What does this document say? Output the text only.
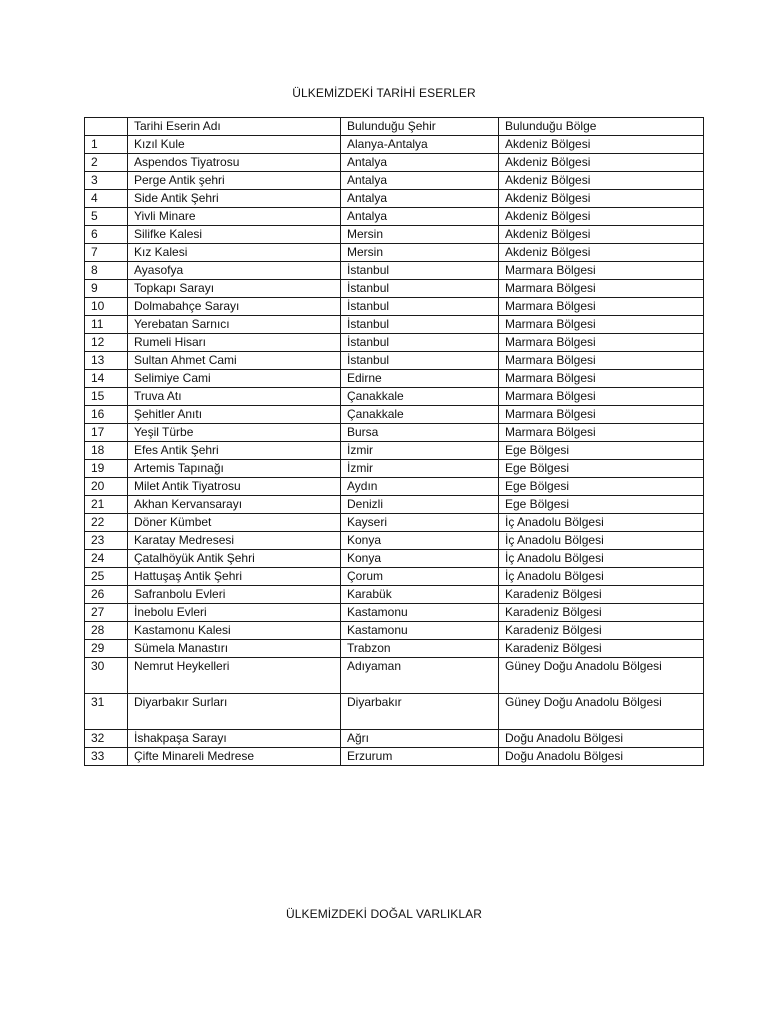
ÜLKEMİZDEKİ TARİHİ ESERLER
	Tarihi Eserin Adı	Bulunduğu Şehir	Bulunduğu Bölge
1	Kızıl Kule	Alanya-Antalya	Akdeniz Bölgesi
2	Aspendos Tiyatrosu	Antalya	Akdeniz Bölgesi
3	Perge Antik şehri	Antalya	Akdeniz Bölgesi
4	Side Antik Şehri	Antalya	Akdeniz Bölgesi
5	Yivli Minare	Antalya	Akdeniz Bölgesi
6	Silifke Kalesi	Mersin	Akdeniz Bölgesi
7	Kız Kalesi	Mersin	Akdeniz Bölgesi
8	Ayasofya	İstanbul	Marmara Bölgesi
9	Topkapı Sarayı	İstanbul	Marmara Bölgesi
10	Dolmabahçe Sarayı	İstanbul	Marmara Bölgesi
11	Yerebatan Sarnıcı	İstanbul	Marmara Bölgesi
12	Rumeli Hisarı	İstanbul	Marmara Bölgesi
13	Sultan Ahmet Cami	İstanbul	Marmara Bölgesi
14	Selimiye Cami	Edirne	Marmara Bölgesi
15	Truva Atı	Çanakkale	Marmara Bölgesi
16	Şehitler Anıtı	Çanakkale	Marmara Bölgesi
17	Yeşil Türbe	Bursa	Marmara Bölgesi
18	Efes Antik Şehri	İzmir	Ege Bölgesi
19	Artemis Tapınağı	İzmir	Ege Bölgesi
20	Milet Antik Tiyatrosu	Aydın	Ege Bölgesi
21	Akhan Kervansarayı	Denizli	Ege Bölgesi
22	Döner Kümbet	Kayseri	İç Anadolu Bölgesi
23	Karatay Medresesi	Konya	İç Anadolu Bölgesi
24	Çatalhöyük Antik Şehri	Konya	İç Anadolu Bölgesi
25	Hattuşaş Antik Şehri	Çorum	İç Anadolu Bölgesi
26	Safranbolu Evleri	Karabük	Karadeniz Bölgesi
27	İnebolu Evleri	Kastamonu	Karadeniz Bölgesi
28	Kastamonu Kalesi	Kastamonu	Karadeniz Bölgesi
29	Sümela Manastırı	Trabzon	Karadeniz Bölgesi
30	Nemrut Heykelleri	Adıyaman	Güney Doğu Anadolu Bölgesi
31	Diyarbakır Surları	Diyarbakır	Güney Doğu Anadolu Bölgesi
32	İshakpaşa Sarayı	Ağrı	Doğu Anadolu Bölgesi
33	Çifte Minareli Medrese	Erzurum	Doğu Anadolu Bölgesi
ÜLKEMİZDEKİ DOĞAL VARLIKLAR
